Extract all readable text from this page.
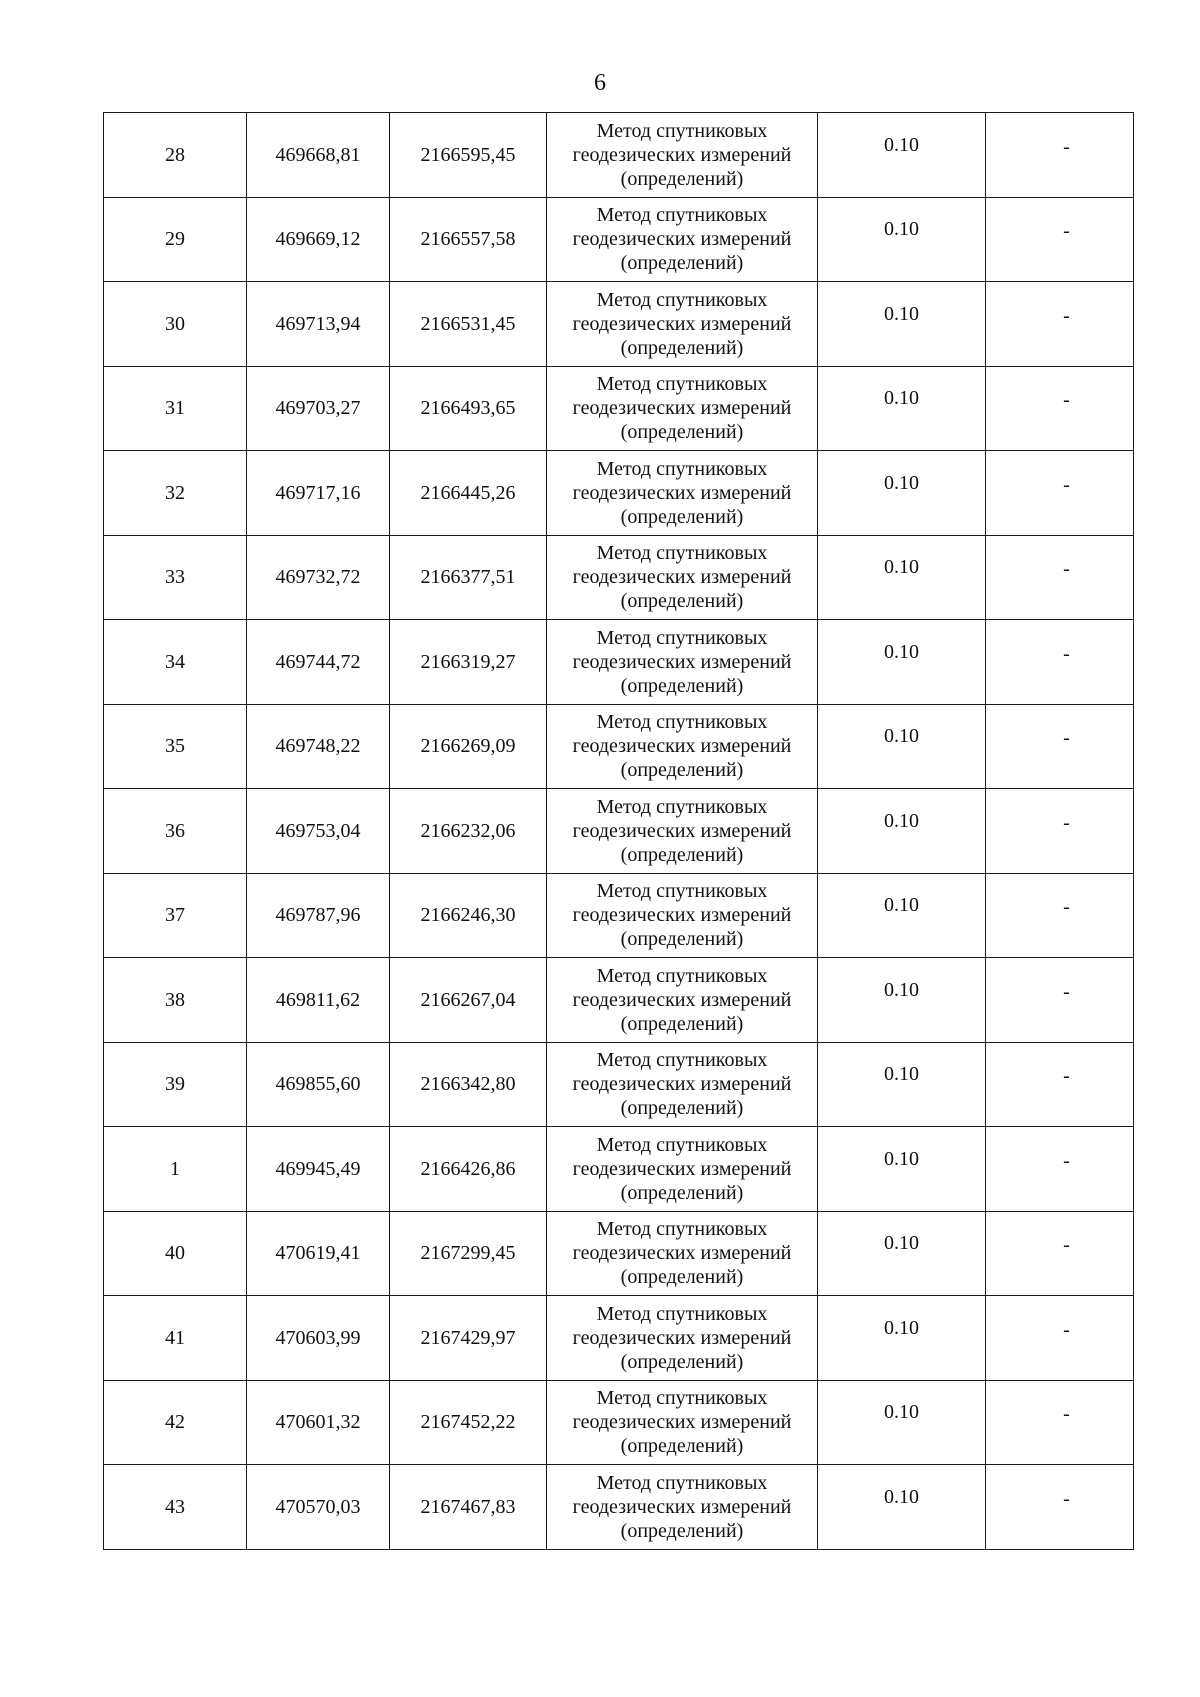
6
28	469668,81	2166595,45	Метод спутниковых
геодезических измерений
(определений)	0.10	-
29	469669,12	2166557,58	Метод спутниковых
геодезических измерений
(определений)	0.10	-
30	469713,94	2166531,45	Метод спутниковых
геодезических измерений
(определений)	0.10	-
31	469703,27	2166493,65	Метод спутниковых
геодезических измерений
(определений)	0.10	-
32	469717,16	2166445,26	Метод спутниковых
геодезических измерений
(определений)	0.10	-
33	469732,72	2166377,51	Метод спутниковых
геодезических измерений
(определений)	0.10	-
34	469744,72	2166319,27	Метод спутниковых
геодезических измерений
(определений)	0.10	-
35	469748,22	2166269,09	Метод спутниковых
геодезических измерений
(определений)	0.10	-
36	469753,04	2166232,06	Метод спутниковых
геодезических измерений
(определений)	0.10	-
37	469787,96	2166246,30	Метод спутниковых
геодезических измерений
(определений)	0.10	-
38	469811,62	2166267,04	Метод спутниковых
геодезических измерений
(определений)	0.10	-
39	469855,60	2166342,80	Метод спутниковых
геодезических измерений
(определений)	0.10	-
1	469945,49	2166426,86	Метод спутниковых
геодезических измерений
(определений)	0.10	-
40	470619,41	2167299,45	Метод спутниковых
геодезических измерений
(определений)	0.10	-
41	470603,99	2167429,97	Метод спутниковых
геодезических измерений
(определений)	0.10	-
42	470601,32	2167452,22	Метод спутниковых
геодезических измерений
(определений)	0.10	-
43	470570,03	2167467,83	Метод спутниковых
геодезических измерений
(определений)	0.10	-
